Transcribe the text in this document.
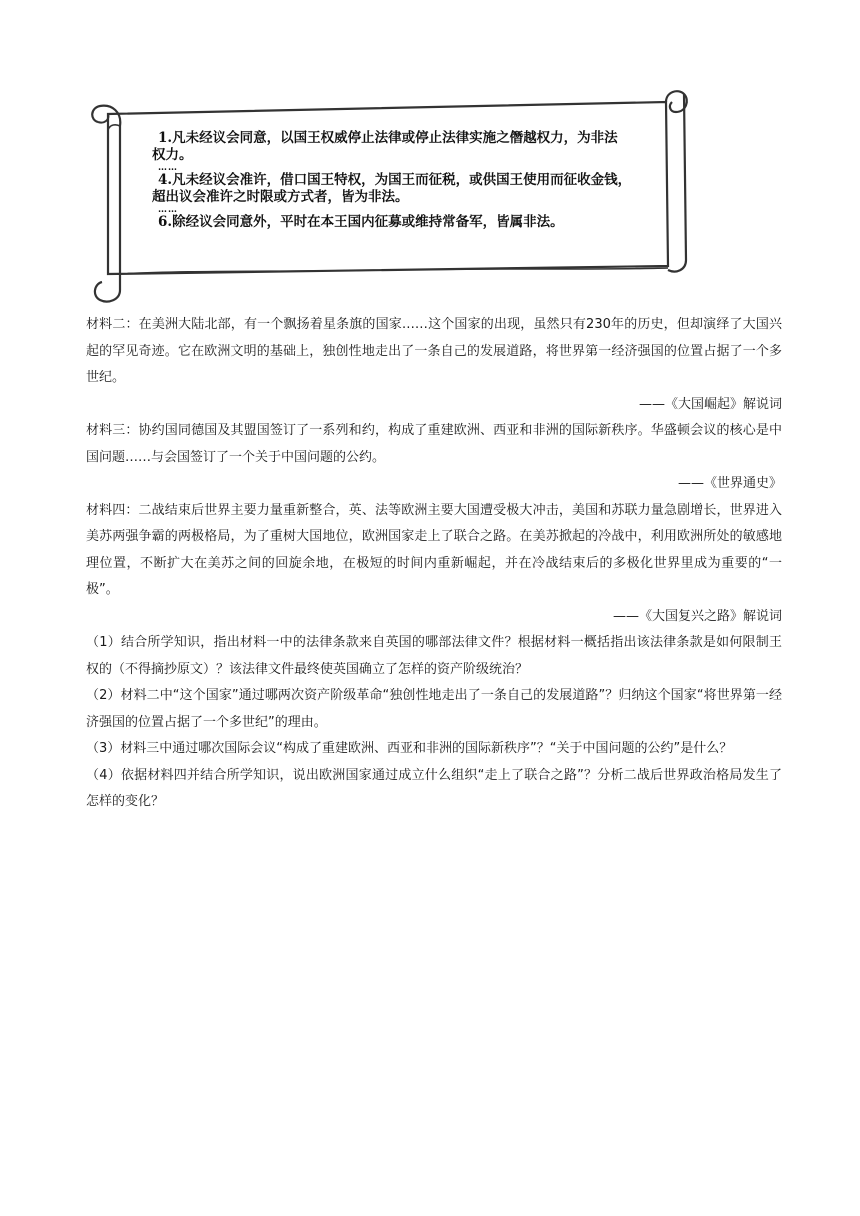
1.凡未经议会同意，以国王权威停止法律或停止法律实施之僭越权力，为非法
权力。
……
4.凡未经议会准许，借口国王特权，为国王而征税，或供国王使用而征收金钱，
超出议会准许之时限或方式者，皆为非法。
……
6.除经议会同意外，平时在本王国内征募或维持常备军，皆属非法。

材料二：在美洲大陆北部，有一个飘扬着星条旗的国家……这个国家的出现，虽然只有230年的历史，但却演绎了大国兴起的罕见奇迹。它在欧洲文明的基础上，独创性地走出了一条自己的发展道路，将世界第一经济强国的位置占据了一个多世纪。

——《大国崛起》解说词

材料三：协约国同德国及其盟国签订了一系列和约，构成了重建欧洲、西亚和非洲的国际新秩序。华盛顿会议的核心是中国问题……与会国签订了一个关于中国问题的公约。

——《世界通史》

材料四：二战结束后世界主要力量重新整合，英、法等欧洲主要大国遭受极大冲击，美国和苏联力量急剧增长，世界进入美苏两强争霸的两极格局，为了重树大国地位，欧洲国家走上了联合之路。在美苏掀起的冷战中，利用欧洲所处的敏感地理位置，不断扩大在美苏之间的回旋余地，在极短的时间内重新崛起，并在冷战结束后的多极化世界里成为重要的“一极”。

——《大国复兴之路》解说词

（1）结合所学知识，指出材料一中的法律条款来自英国的哪部法律文件？根据材料一概括指出该法律条款是如何限制王权的（不得摘抄原文）？该法律文件最终使英国确立了怎样的资产阶级统治？

（2）材料二中“这个国家”通过哪两次资产阶级革命“独创性地走出了一条自己的发展道路”？归纳这个国家“将世界第一经济强国的位置占据了一个多世纪”的理由。

（3）材料三中通过哪次国际会议“构成了重建欧洲、西亚和非洲的国际新秩序”？“关于中国问题的公约”是什么？

（4）依据材料四并结合所学知识，说出欧洲国家通过成立什么组织“走上了联合之路”？分析二战后世界政治格局发生了怎样的变化？
